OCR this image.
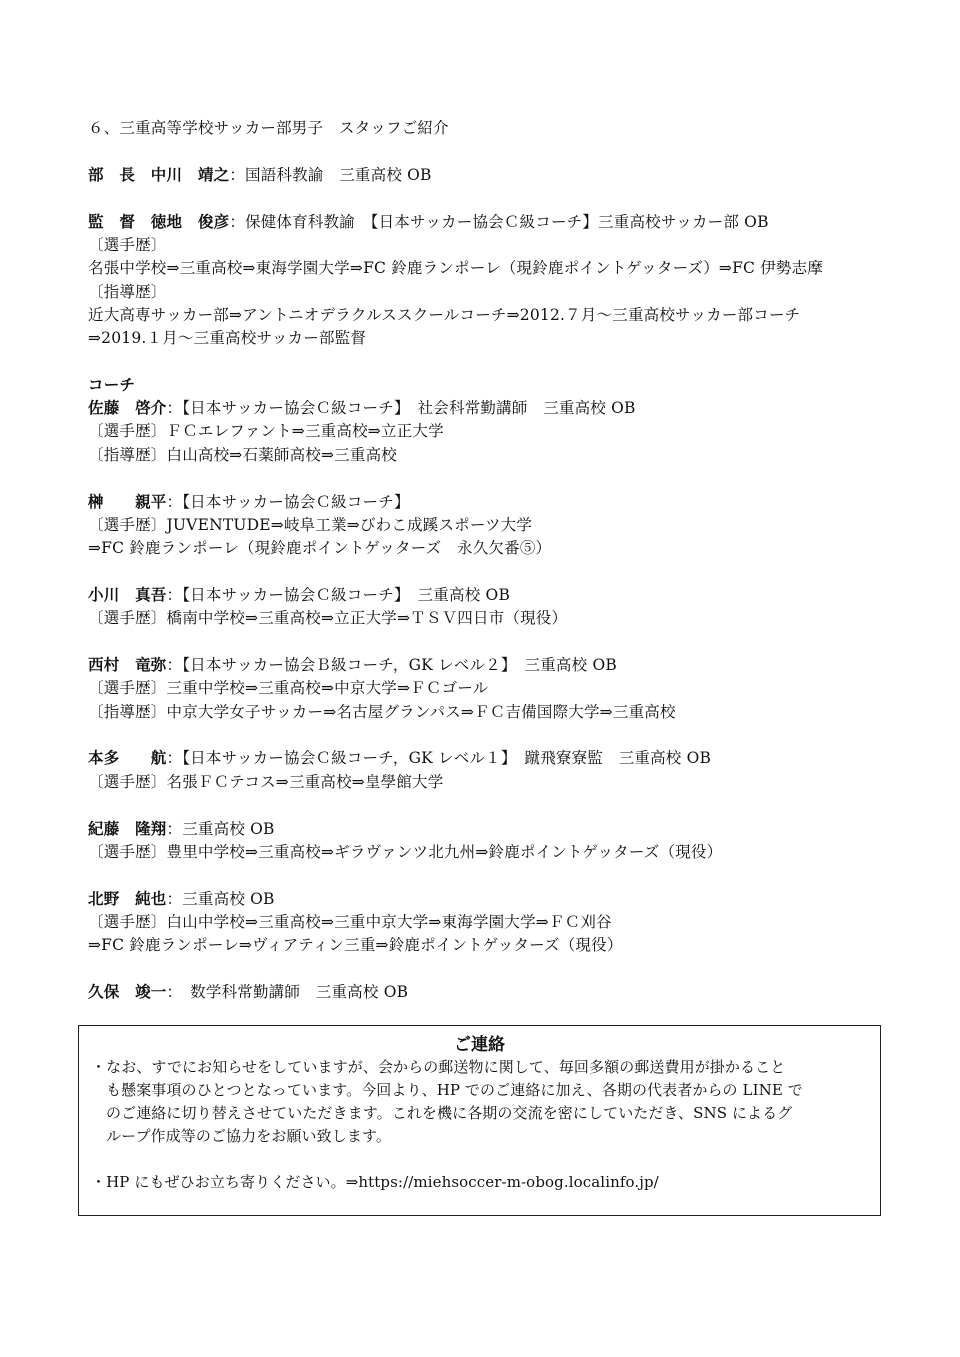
６、三重高等学校サッカー部男子　スタッフご紹介
部　長　中川　靖之：国語科教諭　三重高校 OB
監　督　徳地　俊彦：保健体育科教諭　【日本サッカー協会Ｃ級コーチ】三重高校サッカー部 OB
〔選手歴〕
名張中学校⇒三重高校⇒東海学園大学⇒FC 鈴鹿ランポーレ（現鈴鹿ポイントゲッターズ）⇒FC 伊勢志摩
〔指導歴〕
近大高専サッカー部⇒アントニオデラクルススクールコーチ⇒2012.７月～三重高校サッカー部コーチ
⇒2019.１月～三重高校サッカー部監督
コーチ
佐藤　啓介：【日本サッカー協会Ｃ級コーチ】　社会科常勤講師　三重高校 OB
〔選手歴〕ＦＣエレファント⇒三重高校⇒立正大学
〔指導歴〕白山高校⇒石薬師高校⇒三重高校
榊　　親平：【日本サッカー協会Ｃ級コーチ】
〔選手歴〕JUVENTUDE⇒岐阜工業⇒びわこ成蹊スポーツ大学
⇒FC 鈴鹿ランポーレ（現鈴鹿ポイントゲッターズ　永久欠番⑤）
小川　真吾：【日本サッカー協会Ｃ級コーチ】　三重高校 OB
〔選手歴〕橋南中学校⇒三重高校⇒立正大学⇒ＴＳＶ四日市（現役）
西村　竜弥：【日本サッカー協会Ｂ級コーチ，GK レベル２】　三重高校 OB
〔選手歴〕三重中学校⇒三重高校⇒中京大学⇒ＦＣゴール
〔指導歴〕中京大学女子サッカー⇒名古屋グランパス⇒ＦＣ吉備国際大学⇒三重高校
本多　　航：【日本サッカー協会Ｃ級コーチ，GK レベル１】　蹴飛寮寮監　三重高校 OB
〔選手歴〕名張ＦＣテコス⇒三重高校⇒皇學館大学
紀藤　隆翔：三重高校 OB
〔選手歴〕豊里中学校⇒三重高校⇒ギラヴァンツ北九州⇒鈴鹿ポイントゲッターズ（現役）
北野　純也：三重高校 OB
〔選手歴〕白山中学校⇒三重高校⇒三重中京大学⇒東海学園大学⇒ＦＣ刈谷
⇒FC 鈴鹿ランポーレ⇒ヴィアティン三重⇒鈴鹿ポイントゲッターズ（現役）
久保　竣一：　数学科常勤講師　三重高校 OB
ご連絡
・なお、すでにお知らせをしていますが、会からの郵送物に関して、毎回多額の郵送費用が掛かること
も懸案事項のひとつとなっています。今回より、HP でのご連絡に加え、各期の代表者からの LINE で
のご連絡に切り替えさせていただきます。これを機に各期の交流を密にしていただき、SNS によるグ
ループ作成等のご協力をお願い致します。
・HP にもぜひお立ち寄りください。⇒https://miehsoccer-m-obog.localinfo.jp/
